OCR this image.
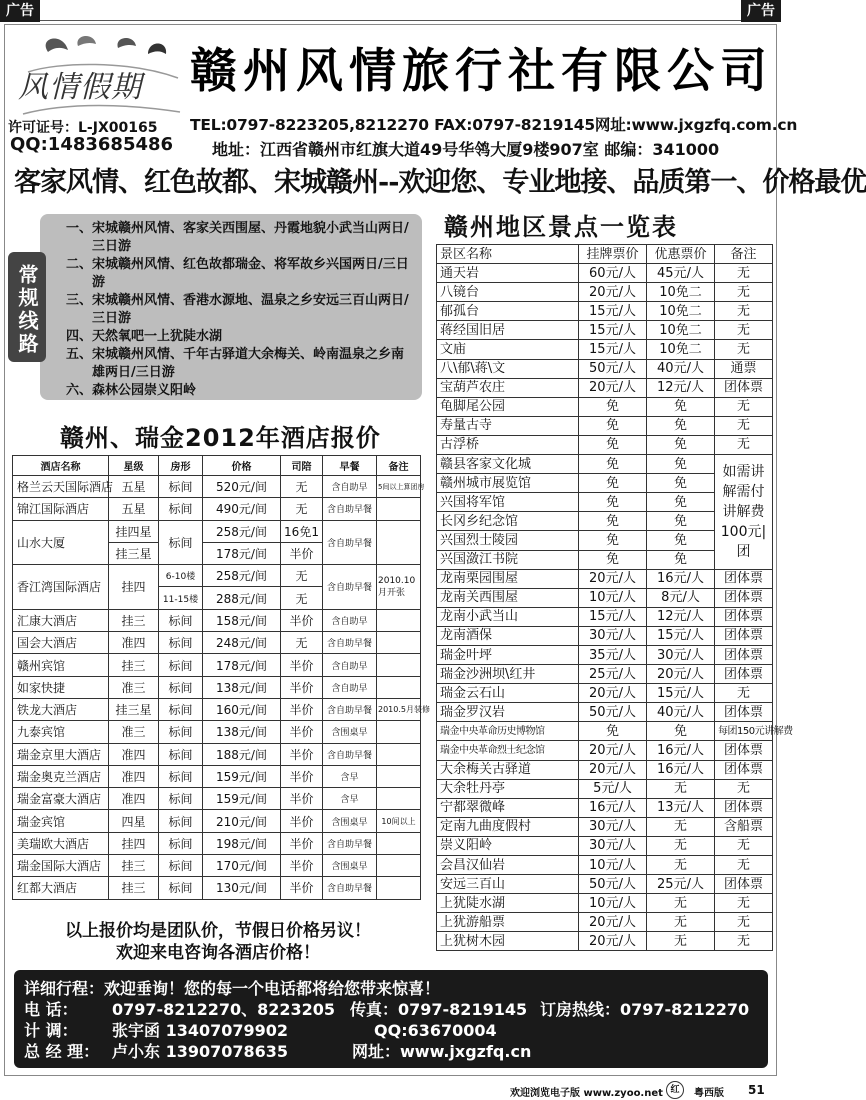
广告	广告
风情假期 赣州风情旅行社有限公司
许可证号：L-JX00165 TEL:0797-8223205,8212270 FAX:0797-8219145网址:www.jxgzfq.com.cn
QQ:1483685486 地址：江西省赣州市红旗大道49号华鸰大厦9楼907室 邮编：341000
客家风情、红色故都、宋城赣州--欢迎您、专业地接、品质第一、价格最优
一、 宋城赣州风情、客家关西围屋、丹霞地貌小武当山两日/三日游
二、 宋城赣州风情、红色故都瑞金、将军故乡兴国两日/三日游
三、 宋城赣州风情、香港水源地、温泉之乡安远三百山两日/三日游
四、 天然氧吧一上犹陡水湖
五、 宋城赣州风情、千年古驿道大余梅关、岭南温泉之乡南雄两日/三日游
六、 森林公园崇义阳岭
常规线路
赣州地区景点一览表
景区名称	挂牌票价	优惠票价	备注
通天岩	60元/人	45元/人	无
八镜台	20元/人	10免二	无
郁孤台	15元/人	10免二	无
蒋经国旧居	15元/人	10免二	无
文庙	15元/人	10免二	无
八\郁\蒋\文	50元/人	40元/人	通票
宝葫芦农庄	20元/人	12元/人	团体票
龟脚尾公园	免	免	无
寿量古寺	免	免	无
古浮桥	免	免	无
赣县客家文化城	免	免	如需讲解需付讲解费100元|团
赣州城市展览馆	免	免	
兴国将军馆	免	免	
长冈乡纪念馆	免	免	
兴国烈士陵园	免	免	
兴国潋江书院	免	免	
龙南栗园围屋	20元/人	16元/人	团体票
龙南关西围屋	10元/人	8元/人	团体票
龙南小武当山	15元/人	12元/人	团体票
龙南酒保	30元/人	15元/人	团体票
瑞金叶坪	35元/人	30元/人	团体票
瑞金沙洲坝\红井	25元/人	20元/人	团体票
瑞金云石山	20元/人	15元/人	无
瑞金罗汉岩	50元/人	40元/人	团体票
瑞金中央革命历史博物馆	免	免	每团150元讲解费
瑞金中央革命烈士纪念馆	20元/人	16元/人	团体票
大余梅关古驿道	20元/人	16元/人	团体票
大余牡丹亭	5元/人	无	无
宁都翠微峰	16元/人	13元/人	团体票
定南九曲度假村	30元/人	无	含船票
崇义阳岭	30元/人	无	无
会昌汉仙岩	10元/人	无	无
安远三百山	50元/人	25元/人	团体票
上犹陡水湖	10元/人	无	无
上犹游船票	20元/人	无	无
上犹树木园	20元/人	无	无
赣州、瑞金2012年酒店报价
酒店名称	星级	房形	价格	司陪	早餐	备注
格兰云天国际酒店	五星	标间	520元/间	无	含自助早	5间以上算团房
锦江国际酒店	五星	标间	490元/间	无	含自助早餐	
山水大厦	挂四星	标间	258元/间	16免1	含自助早餐	
	挂三星		178元/间	半价		
香江湾国际酒店	挂四	6-10楼	258元/间	无	含自助早餐	2010.10月开张
		11-15楼	288元/间	无		
汇康大酒店	挂三	标间	158元/间	半价	含自助早	
国会大酒店	准四	标间	248元/间	无	含自助早餐	
赣州宾馆	挂三	标间	178元/间	半价	含自助早	
如家快捷	准三	标间	138元/间	半价	含自助早	
铁龙大酒店	挂三星	标间	160元/间	半价	含自助早餐	2010.5月装修
九泰宾馆	准三	标间	138元/间	半价	含围桌早	
瑞金京里大酒店	准四	标间	188元/间	半价	含自助早餐	
瑞金奥克兰酒店	准四	标间	159元/间	半价	含早	
瑞金富豪大酒店	准四	标间	159元/间	半价	含早	
瑞金宾馆	四星	标间	210元/间	半价	含围桌早	10间以上
美瑞欧大酒店	挂四	标间	198元/间	半价	含自助早餐	
瑞金国际大酒店	挂三	标间	170元/间	半价	含围桌早	
红都大酒店	挂三	标间	130元/间	半价	含自助早餐	
以上报价均是团队价，节假日价格另议！
欢迎来电咨询各酒店价格！
详细行程：欢迎垂询！您的每一个电话都将给您带来惊喜！
电 话： 0797-8212270、8223205 传真：0797-8219145 订房热线：0797-8212270
计 调： 张宇函 13407079902	QQ:63670004
总 经 理： 卢小东 13907078635	网址：www.jxgzfq.cn
欢迎浏览电子版 www.zyoo.net 红	粤西版 51
